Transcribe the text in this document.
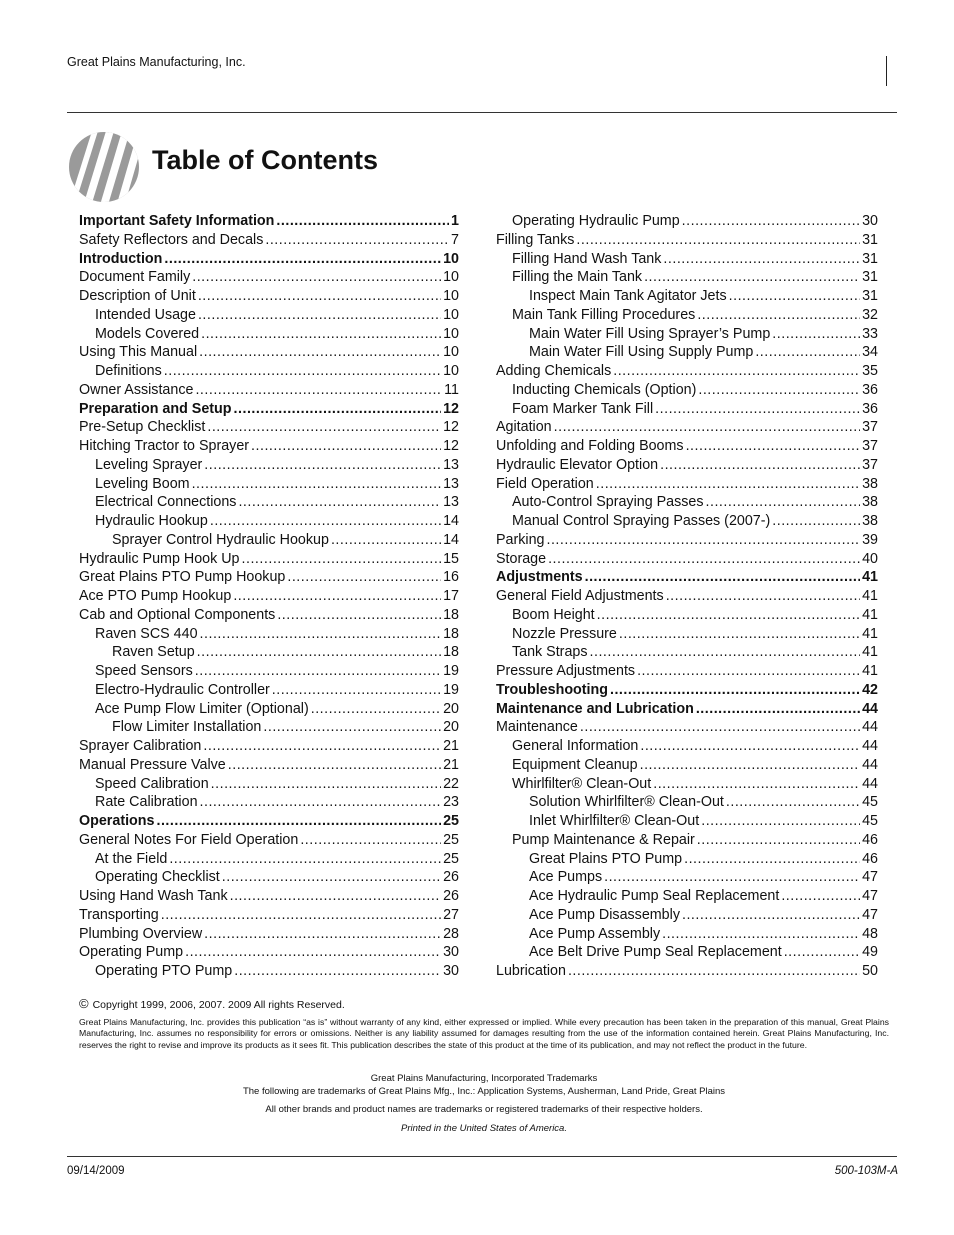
Great Plains Manufacturing, Inc.
Table of Contents
Important Safety Information .....	1
Safety Reflectors and Decals .....	7
Introduction .....	10
Document Family .....	10
Description of Unit .....	10
Intended Usage .....	10
Models Covered .....	10
Using This Manual .....	10
Definitions .....	10
Owner Assistance .....	11
Preparation and Setup .....	12
Pre-Setup Checklist .....	12
Hitching Tractor to Sprayer .....	12
Leveling Sprayer .....	13
Leveling Boom .....	13
Electrical Connections .....	13
Hydraulic Hookup .....	14
Sprayer Control Hydraulic Hookup .....	14
Hydraulic Pump Hook Up .....	15
Great Plains PTO Pump Hookup .....	16
Ace PTO Pump Hookup .....	17
Cab and Optional Components .....	18
Raven SCS 440 .....	18
Raven Setup .....	18
Speed Sensors .....	19
Electro-Hydraulic Controller .....	19
Ace Pump Flow Limiter (Optional) .....	20
Flow Limiter Installation .....	20
Sprayer Calibration .....	21
Manual Pressure Valve .....	21
Speed Calibration .....	22
Rate Calibration .....	23
Operations .....	25
General Notes For Field Operation .....	25
At the Field .....	25
Operating Checklist .....	26
Using Hand Wash Tank .....	26
Transporting .....	27
Plumbing Overview .....	28
Operating Pump .....	30
Operating PTO Pump .....	30
Operating Hydraulic Pump .....	30
Filling Tanks .....	31
Filling Hand Wash Tank .....	31
Filling the Main Tank .....	31
Inspect Main Tank Agitator Jets .....	31
Main Tank Filling Procedures .....	32
Main Water Fill Using Sprayer’s Pump .....	33
Main Water Fill Using Supply Pump .....	34
Adding Chemicals .....	35
Inducting Chemicals (Option) .....	36
Foam Marker Tank Fill .....	36
Agitation .....	37
Unfolding and Folding Booms .....	37
Hydraulic Elevator Option .....	37
Field Operation .....	38
Auto-Control Spraying Passes .....	38
Manual Control Spraying Passes (2007-) .....	38
Parking .....	39
Storage .....	40
Adjustments .....	41
General Field Adjustments .....	41
Boom Height .....	41
Nozzle Pressure .....	41
Tank Straps .....	41
Pressure Adjustments .....	41
Troubleshooting .....	42
Maintenance and Lubrication .....	44
Maintenance .....	44
General Information .....	44
Equipment Cleanup .....	44
Whirlfilter® Clean-Out .....	44
Solution Whirlfilter® Clean-Out .....	45
Inlet Whirlfilter® Clean-Out .....	45
Pump Maintenance & Repair .....	46
Great Plains PTO Pump .....	46
Ace Pumps .....	47
Ace Hydraulic Pump Seal Replacement .....	47
Ace Pump Disassembly .....	47
Ace Pump Assembly .....	48
Ace Belt Drive Pump Seal Replacement .....	49
Lubrication .....	50
© Copyright 1999, 2006, 2007. 2009 All rights Reserved.
Great Plains Manufacturing, Inc. provides this publication “as is” without warranty of any kind, either expressed or implied. While every precaution has been taken in the preparation of this manual, Great Plains Manufacturing, Inc. assumes no responsibility for errors or omissions. Neither is any liability assumed for damages resulting from the use of the information contained herein. Great Plains Manufacturing, Inc. reserves the right to revise and improve its products as it sees fit. This publication describes the state of this product at the time of its publication, and may not reflect the product in the future.
Great Plains Manufacturing, Incorporated Trademarks
The following are trademarks of Great Plains Mfg., Inc.: Application Systems, Ausherman, Land Pride, Great Plains
All other brands and product names are trademarks or registered trademarks of their respective holders.
Printed in the United States of America.
09/14/2009	500-103M-A
